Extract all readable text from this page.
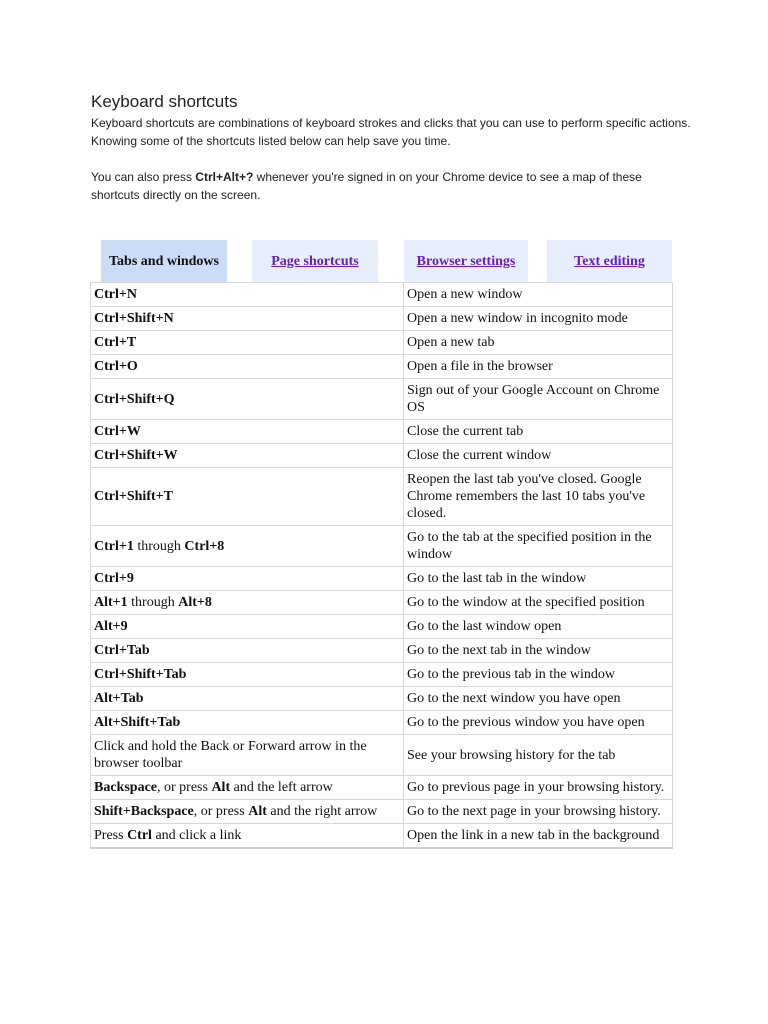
Keyboard shortcuts

Keyboard shortcuts are combinations of keyboard strokes and clicks that you can use to perform specific actions. Knowing some of the shortcuts listed below can help save you time.

You can also press Ctrl+Alt+? whenever you're signed in on your Chrome device to see a map of these shortcuts directly on the screen.

Tabs and windows	Page shortcuts	Browser settings	Text editing
Ctrl+N	Open a new window
Ctrl+Shift+N	Open a new window in incognito mode
Ctrl+T	Open a new tab
Ctrl+O	Open a file in the browser
Ctrl+Shift+Q	Sign out of your Google Account on Chrome OS
Ctrl+W	Close the current tab
Ctrl+Shift+W	Close the current window
Ctrl+Shift+T	Reopen the last tab you've closed. Google Chrome remembers the last 10 tabs you've closed.
Ctrl+1 through Ctrl+8	Go to the tab at the specified position in the window
Ctrl+9	Go to the last tab in the window
Alt+1 through Alt+8	Go to the window at the specified position
Alt+9	Go to the last window open
Ctrl+Tab	Go to the next tab in the window
Ctrl+Shift+Tab	Go to the previous tab in the window
Alt+Tab	Go to the next window you have open
Alt+Shift+Tab	Go to the previous window you have open
Click and hold the Back or Forward arrow in the browser toolbar	See your browsing history for the tab
Backspace, or press Alt and the left arrow	Go to previous page in your browsing history.
Shift+Backspace, or press Alt and the right arrow	Go to the next page in your browsing history.
Press Ctrl and click a link	Open the link in a new tab in the background
